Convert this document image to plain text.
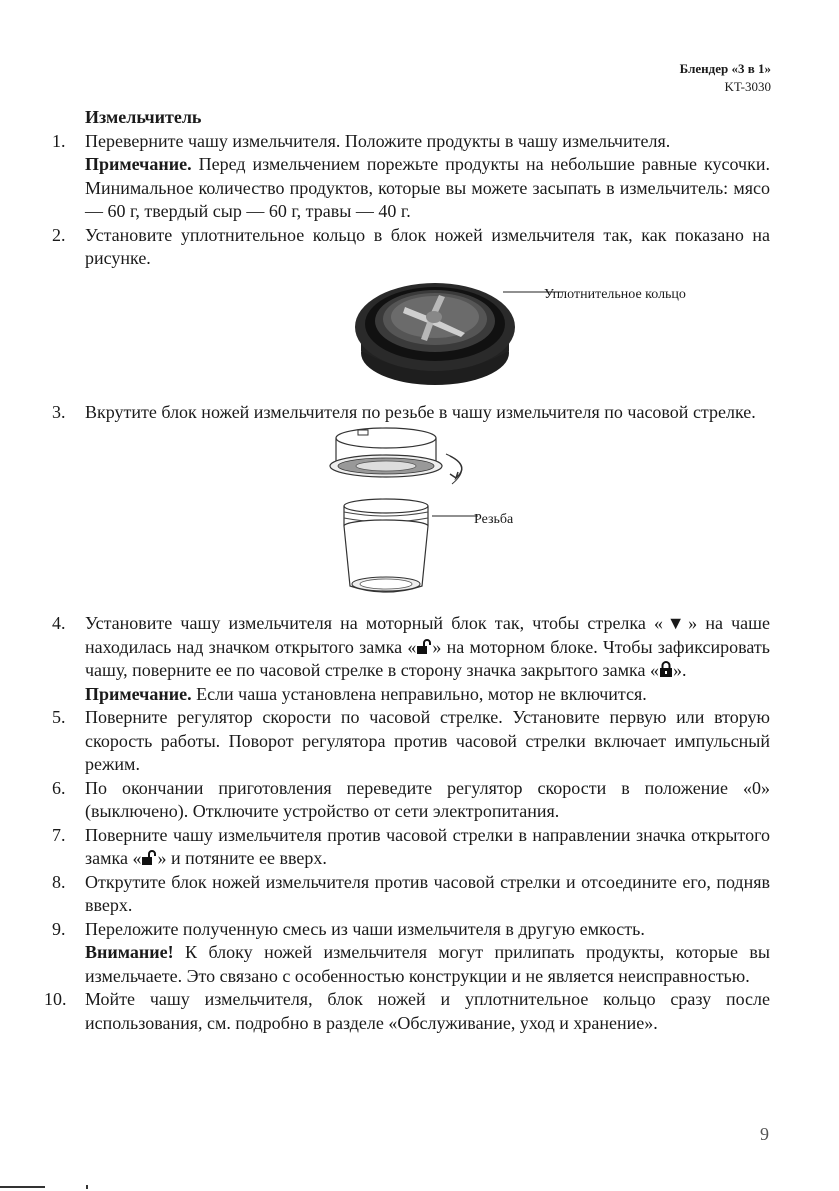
Блендер «3 в 1»
KT-3030
Измельчитель
1. Переверните чашу измельчителя. Положите продукты в чашу измельчителя.
Примечание. Перед измельчением порежьте продукты на небольшие равные кусочки. Минимальное количество продуктов, которые вы можете засыпать в измельчитель: мясо — 60 г, твердый сыр — 60 г, травы — 40 г.
2. Установите уплотнительное кольцо в блок ножей измельчителя так, как показано на рисунке.
Уплотнительное кольцо
3. Вкрутите блок ножей измельчителя по резьбе в чашу измельчителя по часовой стрелке.
Резьба
4. Установите чашу измельчителя на моторный блок так, чтобы стрелка «▼» на чаше находилась над значком открытого замка « » на моторном блоке. Чтобы зафиксировать чашу, поверните ее по часовой стрелке в сторону значка закрытого замка « ».
Примечание. Если чаша установлена неправильно, мотор не включится.
5. Поверните регулятор скорости по часовой стрелке. Установите первую или вторую скорость работы. Поворот регулятора против часовой стрелки включает импульсный режим.
6. По окончании приготовления переведите регулятор скорости в положение «0» (выключено). Отключите устройство от сети электропитания.
7. Поверните чашу измельчителя против часовой стрелки в направлении значка открытого замка « » и потяните ее вверх.
8. Открутите блок ножей измельчителя против часовой стрелки и отсоедините его, подняв вверх.
9. Переложите полученную смесь из чаши измельчителя в другую емкость.
Внимание! К блоку ножей измельчителя могут прилипать продукты, которые вы измельчаете. Это связано с особенностью конструкции и не является неисправностью.
10. Мойте чашу измельчителя, блок ножей и уплотнительное кольцо сразу после использования, см. подробно в разделе «Обслуживание, уход и хранение».
9
